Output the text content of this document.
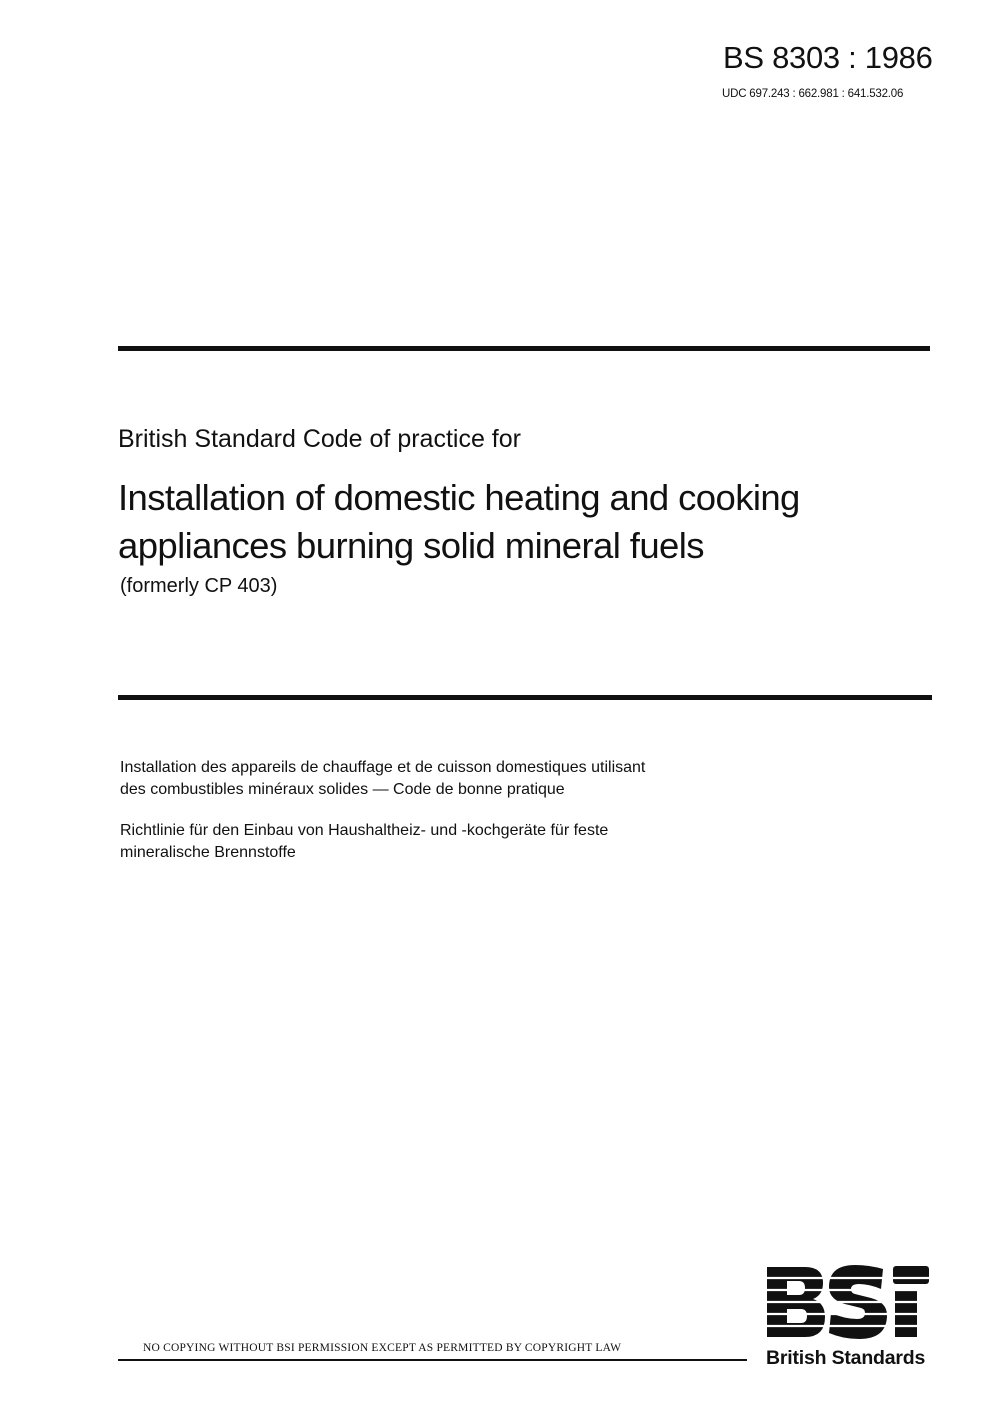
BS 8303 : 1986
UDC 697.243 : 662.981 : 641.532.06
British Standard Code of practice for
Installation of domestic heating and cooking
appliances burning solid mineral fuels
(formerly CP 403)
Installation des appareils de chauffage et de cuisson domestiques utilisant
des combustibles minéraux solides — Code de bonne pratique
Richtlinie für den Einbau von Haushaltheiz- und -kochgeräte für feste
mineralische Brennstoffe
NO COPYING WITHOUT BSI PERMISSION EXCEPT AS PERMITTED BY COPYRIGHT LAW	British Standards
